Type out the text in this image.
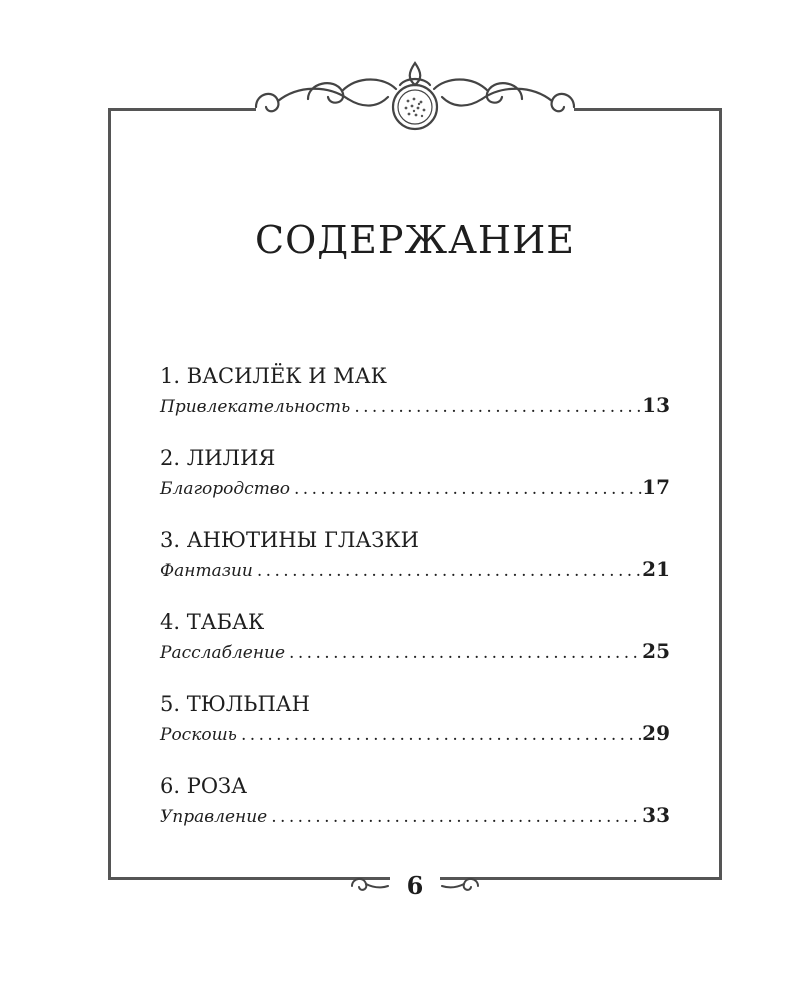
СОДЕРЖАНИЕ
1. ВАСИЛЁК И МАК
Привлекательность . . .	13
2. ЛИЛИЯ
Благородство . . .	17
3. АНЮТИНЫ ГЛАЗКИ
Фантазии . . .	21
4. ТАБАК
Расслабление . . .	25
5. ТЮЛЬПАН
Роскошь . . .	29
6. РОЗА
Управление . . .	33
6
